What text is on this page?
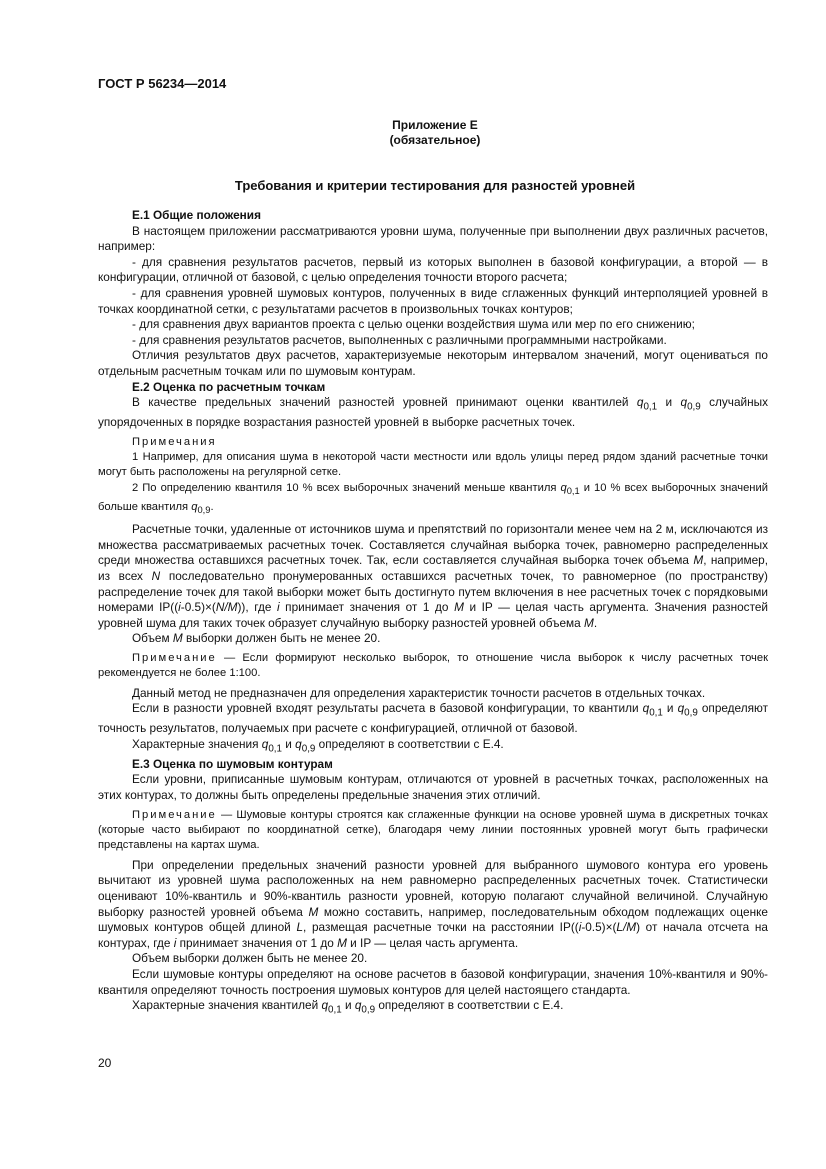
ГОСТ Р 56234—2014
Приложение Е
(обязательное)
Требования и критерии тестирования для разностей уровней

Е.1 Общие положения

В настоящем приложении рассматриваются уровни шума, полученные при выполнении двух различных расчетов, например:

- для сравнения результатов расчетов, первый из которых выполнен в базовой конфигурации, а второй — в конфигурации, отличной от базовой, с целью определения точности второго расчета;

- для сравнения уровней шумовых контуров, полученных в виде сглаженных функций интерполяцией уровней в точках координатной сетки, с результатами расчетов в произвольных точках контуров;

- для сравнения двух вариантов проекта с целью оценки воздействия шума или мер по его снижению;

- для сравнения результатов расчетов, выполненных с различными программными настройками.

Отличия результатов двух расчетов, характеризуемые некоторым интервалом значений, могут оцениваться по отдельным расчетным точкам или по шумовым контурам.

Е.2 Оценка по расчетным точкам

В качестве предельных значений разностей уровней принимают оценки квантилей $q_{0,1}$ и $q_{0,9}$ случайных упорядоченных в порядке возрастания разностей уровней в выборке расчетных точек.

Примечания

1 Например, для описания шума в некоторой части местности или вдоль улицы перед рядом зданий расчетные точки могут быть расположены на регулярной сетке.

2 По определению квантиля 10 % всех выборочных значений меньше квантиля $q_{0,1}$ и 10 % всех выборочных значений больше квантиля $q_{0,9}$.

Расчетные точки, удаленные от источников шума и препятствий по горизонтали менее чем на 2 м, исключаются из множества рассматриваемых расчетных точек. Составляется случайная выборка точек, равномерно распределенных среди множества оставшихся расчетных точек. Так, если составляется случайная выборка точек объема M, например, из всех N последовательно пронумерованных оставшихся расчетных точек, то равномерное (по пространству) распределение точек для такой выборки может быть достигнуто путем включения в нее расчетных точек с порядковыми номерами IP((i-0.5)×(N/M)), где i принимает значения от 1 до M и IP — целая часть аргумента. Значения разностей уровней шума для таких точек образует случайную выборку разностей уровней объема M.

Объем M выборки должен быть не менее 20.

Примечание — Если формируют несколько выборок, то отношение числа выборок к числу расчетных точек рекомендуется не более 1:100.

Данный метод не предназначен для определения характеристик точности расчетов в отдельных точках.

Если в разности уровней входят результаты расчета в базовой конфигурации, то квантили $q_{0,1}$ и $q_{0,9}$ определяют точность результатов, получаемых при расчете с конфигурацией, отличной от базовой.

Характерные значения $q_{0,1}$ и $q_{0,9}$ определяют в соответствии с Е.4.

Е.3 Оценка по шумовым контурам

Если уровни, приписанные шумовым контурам, отличаются от уровней в расчетных точках, расположенных на этих контурах, то должны быть определены предельные значения этих отличий.

Примечание — Шумовые контуры строятся как сглаженные функции на основе уровней шума в дискретных точках (которые часто выбирают по координатной сетке), благодаря чему линии постоянных уровней могут быть графически представлены на картах шума.

При определении предельных значений разности уровней для выбранного шумового контура его уровень вычитают из уровней шума расположенных на нем равномерно распределенных расчетных точек. Статистически оценивают 10%-квантиль и 90%-квантиль разности уровней, которую полагают случайной величиной. Случайную выборку разностей уровней объема M можно составить, например, последовательным обходом подлежащих оценке шумовых контуров общей длиной L, размещая расчетные точки на расстоянии IP((i-0.5)×(L/M) от начала отсчета на контурах, где i принимает значения от 1 до M и IP — целая часть аргумента.

Объем выборки должен быть не менее 20.

Если шумовые контуры определяют на основе расчетов в базовой конфигурации, значения 10%-квантиля и 90%-квантиля определяют точность построения шумовых контуров для целей настоящего стандарта.

Характерные значения квантилей $q_{0,1}$ и $q_{0,9}$ определяют в соответствии с Е.4.

20
